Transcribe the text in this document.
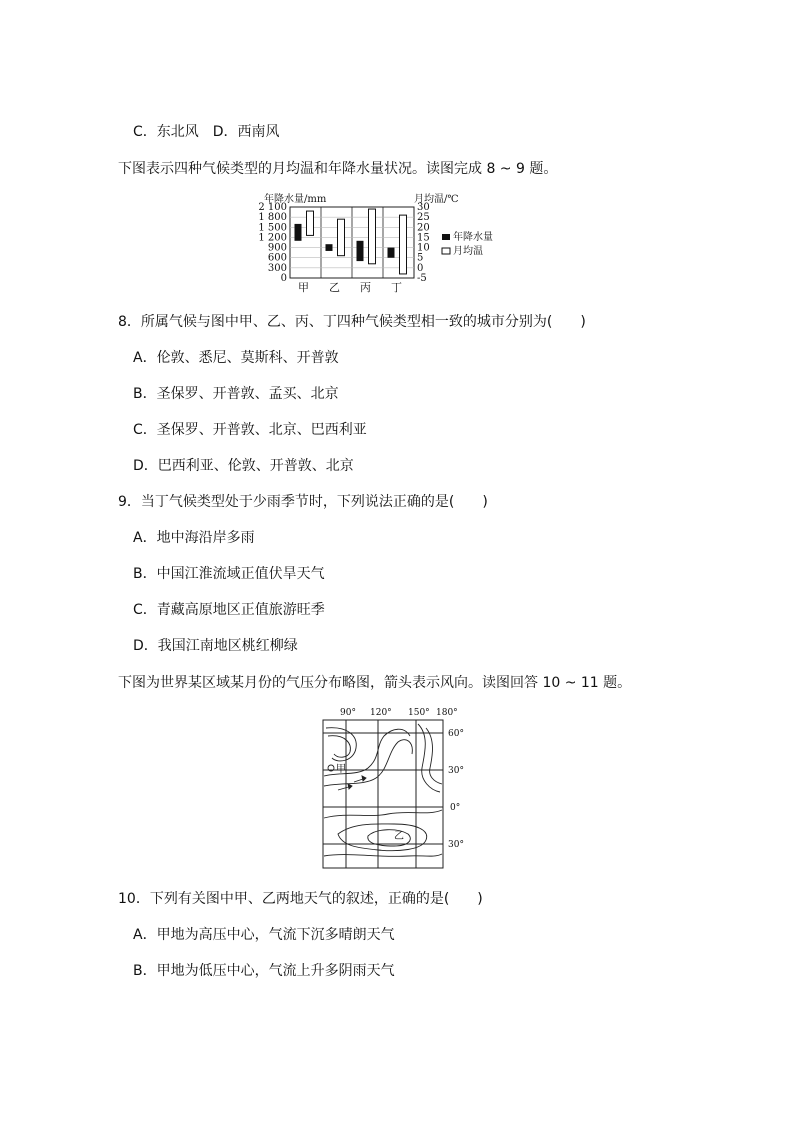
C．东北风　D．西南风
下图表示四种气候类型的月均温和年降水量状况。读图完成 8 ~ 9 题。
年降水量/mm	月均温/℃
2 100	30
1 800	25
1 500	20
1 200	15
900	10
600	5
300	0
0	-5
甲 乙 丙 丁
年降水量
月均温
8．所属气候与图中甲、乙、丙、丁四种气候类型相一致的城市分别为(　　)
A．伦敦、悉尼、莫斯科、开普敦
B．圣保罗、开普敦、孟买、北京
C．圣保罗、开普敦、北京、巴西利亚
D．巴西利亚、伦敦、开普敦、北京
9．当丁气候类型处于少雨季节时，下列说法正确的是(　　)
A．地中海沿岸多雨
B．中国江淮流域正值伏旱天气
C．青藏高原地区正值旅游旺季
D．我国江南地区桃红柳绿
下图为世界某区域某月份的气压分布略图，箭头表示风向。读图回答 10 ~ 11 题。
90° 120° 150° 180°
甲
乙
60°
30°
0°
30°
10．下列有关图中甲、乙两地天气的叙述，正确的是(　　)
A．甲地为高压中心，气流下沉多晴朗天气
B．甲地为低压中心，气流上升多阴雨天气
